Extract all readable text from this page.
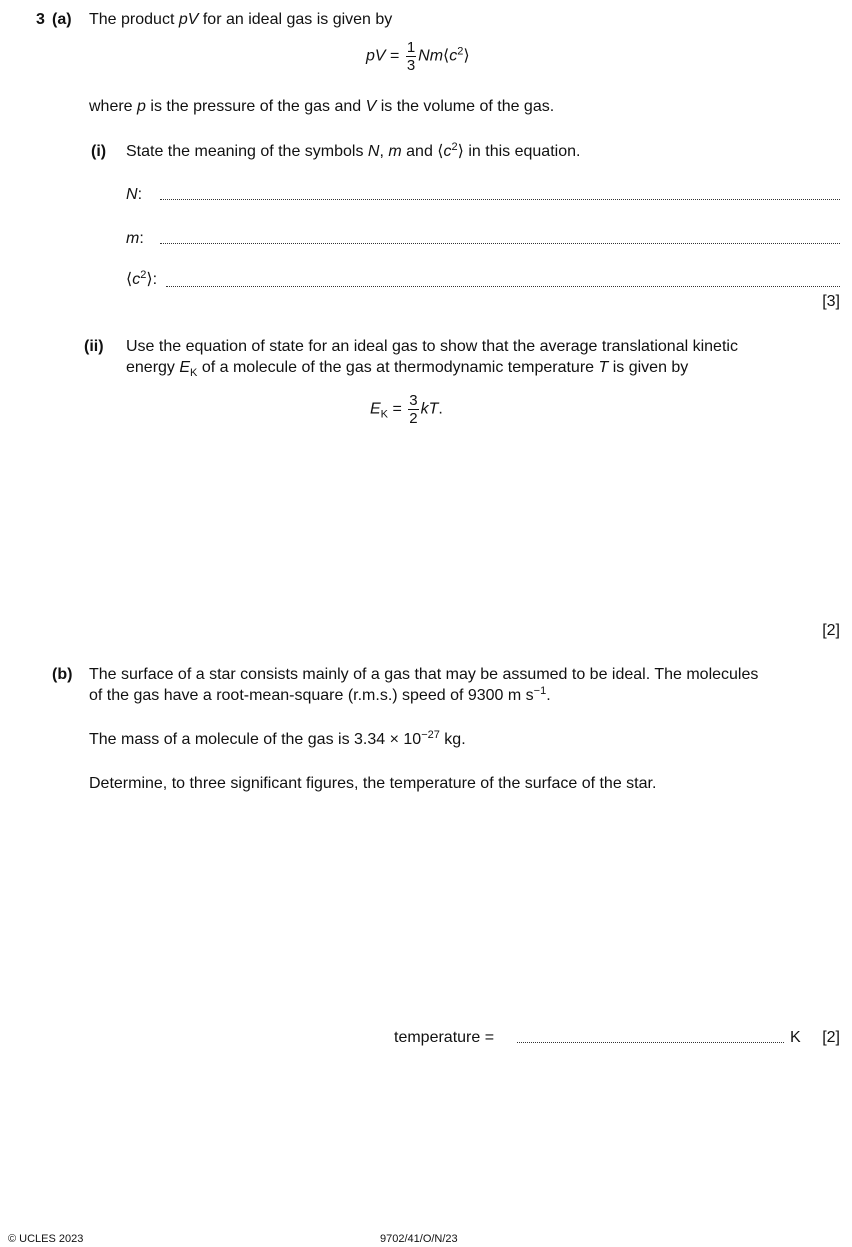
3 (a) The product pV for an ideal gas is given by
pV = $\frac{1}{3}$ $Nm⟨c^2⟩$
where p is the pressure of the gas and V is the volume of the gas.
(i) State the meaning of the symbols N, m and $⟨c^2⟩$ in this equation.
N:
m:
$⟨c^2⟩$:
[3]
(ii) Use the equation of state for an ideal gas to show that the average translational kinetic
energy $E_K$ of a molecule of the gas at thermodynamic temperature T is given by
$E_K = \frac{3}{2}$ kT.
[2]
(b) The surface of a star consists mainly of a gas that may be assumed to be ideal. The molecules
of the gas have a root-mean-square (r.m.s.) speed of 9300 m $s^{-1}$.
The mass of a molecule of the gas is $3.34 \times 10^{-27}$ kg.
Determine, to three significant figures, the temperature of the surface of the star.
temperature =	K [2]
© UCLES 2023	9702/41/O/N/23
